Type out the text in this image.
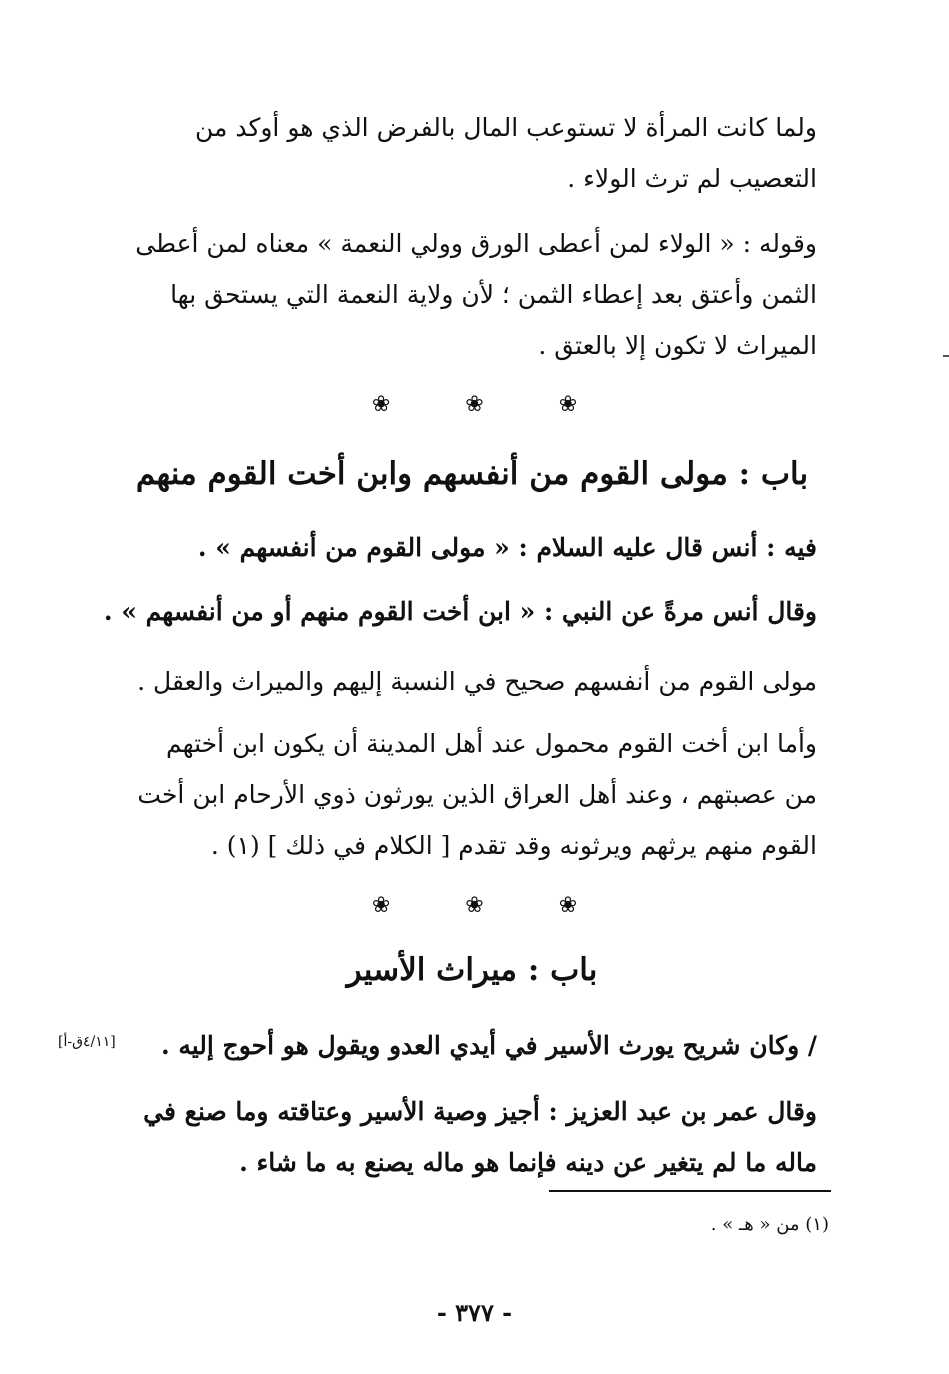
ولما كانت المرأة لا تستوعب المال بالفرض الذي هو أوكد من
التعصيب لم ترث الولاء .
وقوله : « الولاء لمن أعطى الورق وولي النعمة » معناه لمن أعطى
الثمن وأعتق بعد إعطاء الثمن ؛ لأن ولاية النعمة التي يستحق بها
الميراث لا تكون إلا بالعتق .
❀	❀	❀
باب : مولى القوم من أنفسهم وابن أخت القوم منهم
فيه : أنس قال عليه السلام : « مولى القوم من أنفسهم » .
وقال أنس مرةً عن النبي : « ابن أخت القوم منهم أو من أنفسهم » .
مولى القوم من أنفسهم صحيح في النسبة إليهم والميراث والعقل .
وأما ابن أخت القوم محمول عند أهل المدينة أن يكون ابن أختهم
من عصبتهم ، وعند أهل العراق الذين يورثون ذوي الأرحام ابن أخت
القوم منهم يرثهم ويرثونه وقد تقدم [ الكلام في ذلك ] (١) .
❀	❀	❀
باب : ميراث الأسير
/ وكان شريح يورث الأسير في أيدي العدو ويقول هو أحوج إليه .
[٤/١١ق-أ]
وقال عمر بن عبد العزيز : أجيز وصية الأسير وعتاقته وما صنع في
ماله ما لم يتغير عن دينه فإنما هو ماله يصنع به ما شاء .
(١) من « هـ » .
- ٣٧٧ -
